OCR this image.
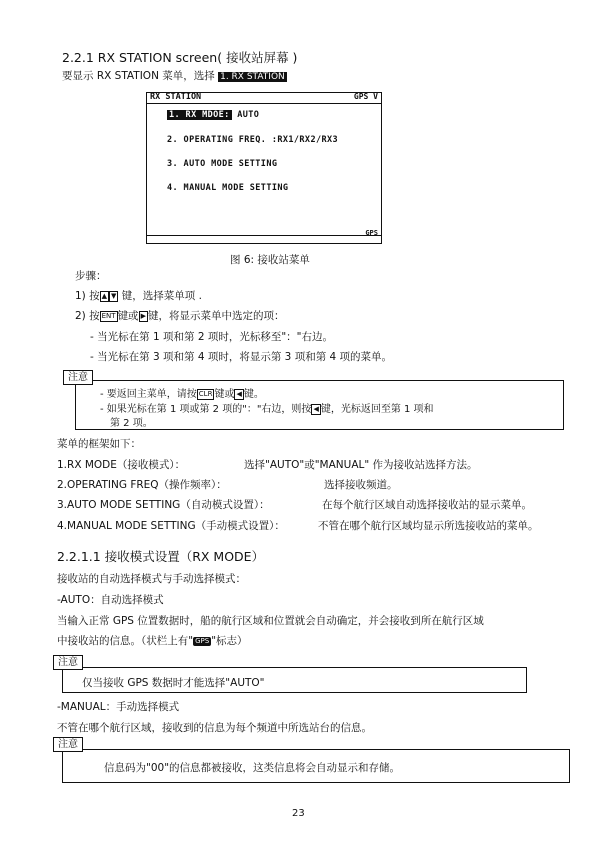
2.2.1 RX STATION screen( 接收站屏幕 )
要显示 RX STATION 菜单，选择 1. RX STATION
RX STATION	GPS V
1. RX MDOE: AUTO
2. OPERATING FREQ. :RX1/RX2/RX3
3. AUTO MODE SETTING
4. MANUAL MODE SETTING
GPS
图 6: 接收站菜单
步骤：
1) 按 ▲ ▼ 键，选择菜单项 .
2) 按 ENT 键或 ▶ 键，将显示菜单中选定的项：
- 当光标在第 1 项和第 2 项时，光标移至"："右边。
- 当光标在第 3 项和第 4 项时，将显示第 3 项和第 4 项的菜单。
注意
- 要返回主菜单，请按 CLR 键或 ◀ 键。
- 如果光标在第 1 项或第 2 项的"："右边，则按 ◀ 键，光标返回至第 1 项和
第 2 项。
菜单的框架如下：
1.RX MODE（接收模式）：	选择"AUTO"或"MANUAL" 作为接收站选择方法。
2.OPERATING FREQ（操作频率）：	选择接收频道。
3.AUTO MODE SETTING（自动模式设置）：	在每个航行区域自动选择接收站的显示菜单。
4.MANUAL MODE SETTING（手动模式设置）：	不管在哪个航行区域均显示所选接收站的菜单。
2.2.1.1 接收模式设置（RX MODE）
接收站的自动选择模式与手动选择模式：
-AUTO：自动选择模式
当输入正常 GPS 位置数据时，船的航行区域和位置就会自动确定，并会接收到所在航行区域
中接收站的信息。（状栏上有" GPS "标志）
注意
仅当接收 GPS 数据时才能选择"AUTO"
-MANUAL：手动选择模式
不管在哪个航行区域，接收到的信息为每个频道中所选站台的信息。
注意
信息码为"00"的信息都被接收，这类信息将会自动显示和存储。
23
